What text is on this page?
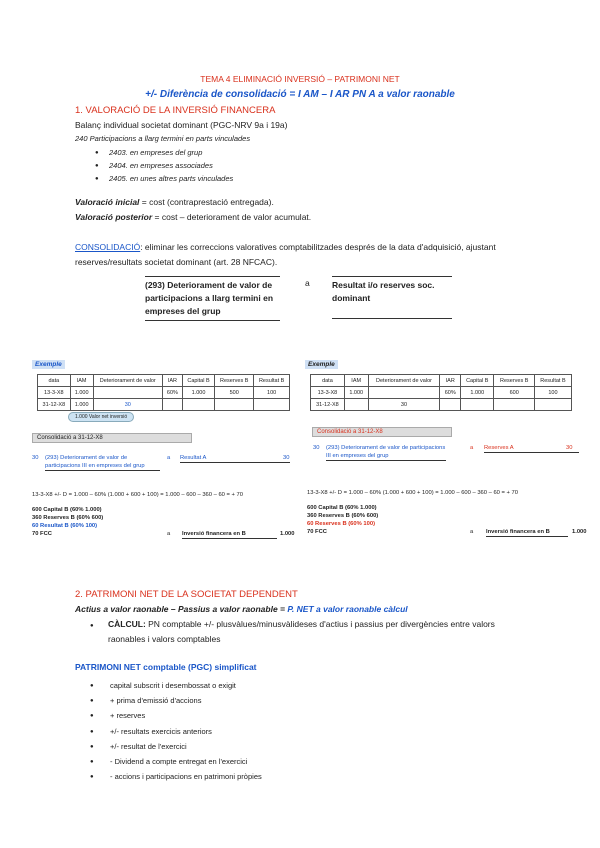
TEMA 4 ELIMINACIÓ INVERSIÓ – PATRIMONI NET
+/- Diferència de consolidació = I AM – I AR PN A a valor raonable
1. VALORACIÓ DE LA INVERSIÓ FINANCERA
Balanç individual societat dominant (PGC-NRV 9a i 19a)
240 Participacions a llarg termini en parts vinculades
● 2403. en empreses del grup
● 2404. en empreses associades
● 2405. en unes altres parts vinculades
Valoració inicial = cost (contraprestació entregada).
Valoració posterior = cost – deteriorament de valor acumulat.
CONSOLIDACIÓ: eliminar les correccions valoratives comptabilitzades després de la data d'adquisició, ajustant reserves/resultats societat dominant (art. 28 NFCAC).
(293) Deteriorament de valor de participacions a llarg termini en empreses del grup
a	Resultat i/o reserves soc. dominant
Exemple
data	IAM	Deteriorament de valor	IAR	Capital B	Reserves B	Resultat B
13-3-X8	1.000		60%	1.000	500	100
31-12-X8	1.000	30				
1.000 Valor net inversió
Consolidació a 31-12-X8
30 (293) Deteriorament de valor de participacions III en empreses del grup
a Resultat A	30
13-3-X8 +/- D = 1.000 – 60% (1.000 + 600 + 100) = 1.000 – 600 – 360 – 60 = + 70
600 Capital B (60% 1.000)
360 Reserves B (60% 600)
60 Resultat B (60% 100)
70 FCC	a Inversió financera en B	1.000
Exemple
data	IAM	Deteriorament de valor	IAR	Capital B	Reserves B	Resultat B
13-3-X8	1.000		60%	1.000	600	100
31-12-X8		30				
Consolidació a 31-12-X8
30 (293) Deteriorament de valor de participacions III en empreses del grup
a Reserves A	30
13-3-X8 +/- D = 1.000 – 60% (1.000 + 600 + 100) = 1.000 – 600 – 360 – 60 = + 70
600 Capital B (60% 1.000)
360 Reserves B (60% 600)
60 Reserves B (60% 100)
70 FCC	a Inversió financera en B	1.000
2. PATRIMONI NET DE LA SOCIETAT DEPENDENT
Actius a valor raonable – Passius a valor raonable = P. NET a valor raonable càlcul
●	CÀLCUL: PN comptable +/- plusvàlues/minusvàlideses d'actius i passius per divergències entre valors raonables i valors comptables
PATRIMONI NET comptable (PGC) simplificat
● capital subscrit i desembossat o exigit
● + prima d'emissió d'accions
● + reserves
● +/- resultats exercicis anteriors
● +/- resultat de l'exercici
● - Dividend a compte entregat en l'exercici
● - accions i participacions en patrimoni pròpies
